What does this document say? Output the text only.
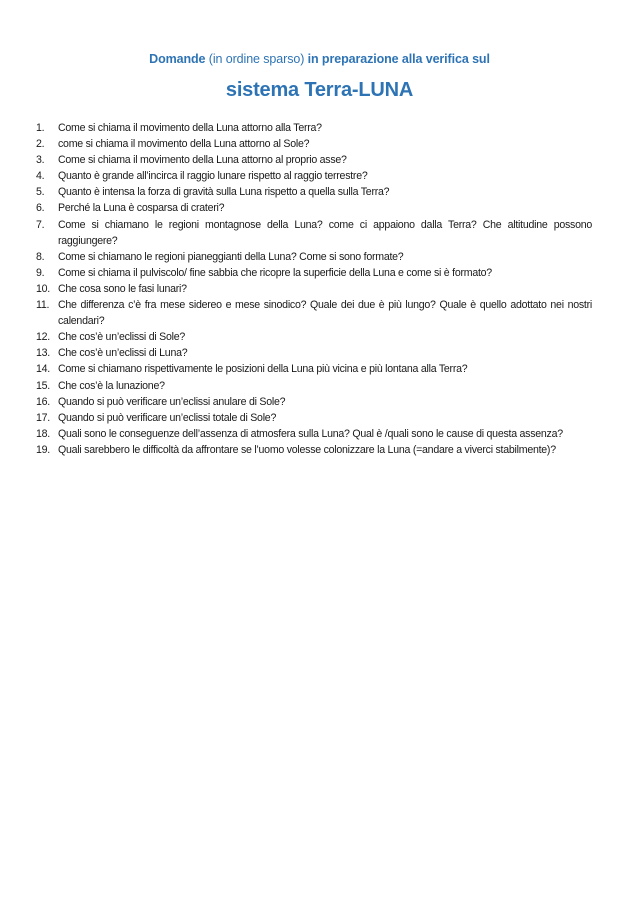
Domande (in ordine sparso) in preparazione alla verifica sul
sistema Terra-LUNA
1.	Come si chiama il movimento della Luna attorno alla Terra?
2.	come si chiama il movimento della Luna attorno al Sole?
3.	Come si chiama il movimento della Luna attorno al proprio asse?
4.	Quanto è grande all’incirca il raggio lunare rispetto al raggio terrestre?
5.	Quanto è intensa la forza di gravità sulla Luna rispetto a quella sulla Terra?
6.	Perché la Luna è cosparsa di crateri?
7.	Come si chiamano le regioni montagnose della Luna? come ci appaiono dalla Terra? Che altitudine possono raggiungere?
8.	Come si chiamano le regioni pianeggianti della Luna? Come si sono formate?
9.	Come si chiama il pulviscolo/ fine sabbia che ricopre la superficie della Luna e come si è formato?
10. Che cosa sono le fasi lunari?
11. Che differenza c’è fra mese sidereo e mese sinodico? Quale dei due è più lungo? Quale è quello adottato nei nostri calendari?
12. Che cos’è un’eclissi di Sole?
13. Che cos’è un’eclissi di Luna?
14. Come si chiamano rispettivamente le posizioni della Luna più vicina e più lontana alla Terra?
15. Che cos’è la lunazione?
16. Quando si può verificare un’eclissi anulare di Sole?
17. Quando si può verificare un’eclissi totale di Sole?
18. Quali sono le conseguenze dell’assenza di atmosfera sulla Luna? Qual è /quali sono le cause di questa assenza?
19. Quali sarebbero le difficoltà da affrontare se l’uomo volesse colonizzare la Luna (=andare a viverci stabilmente)?
